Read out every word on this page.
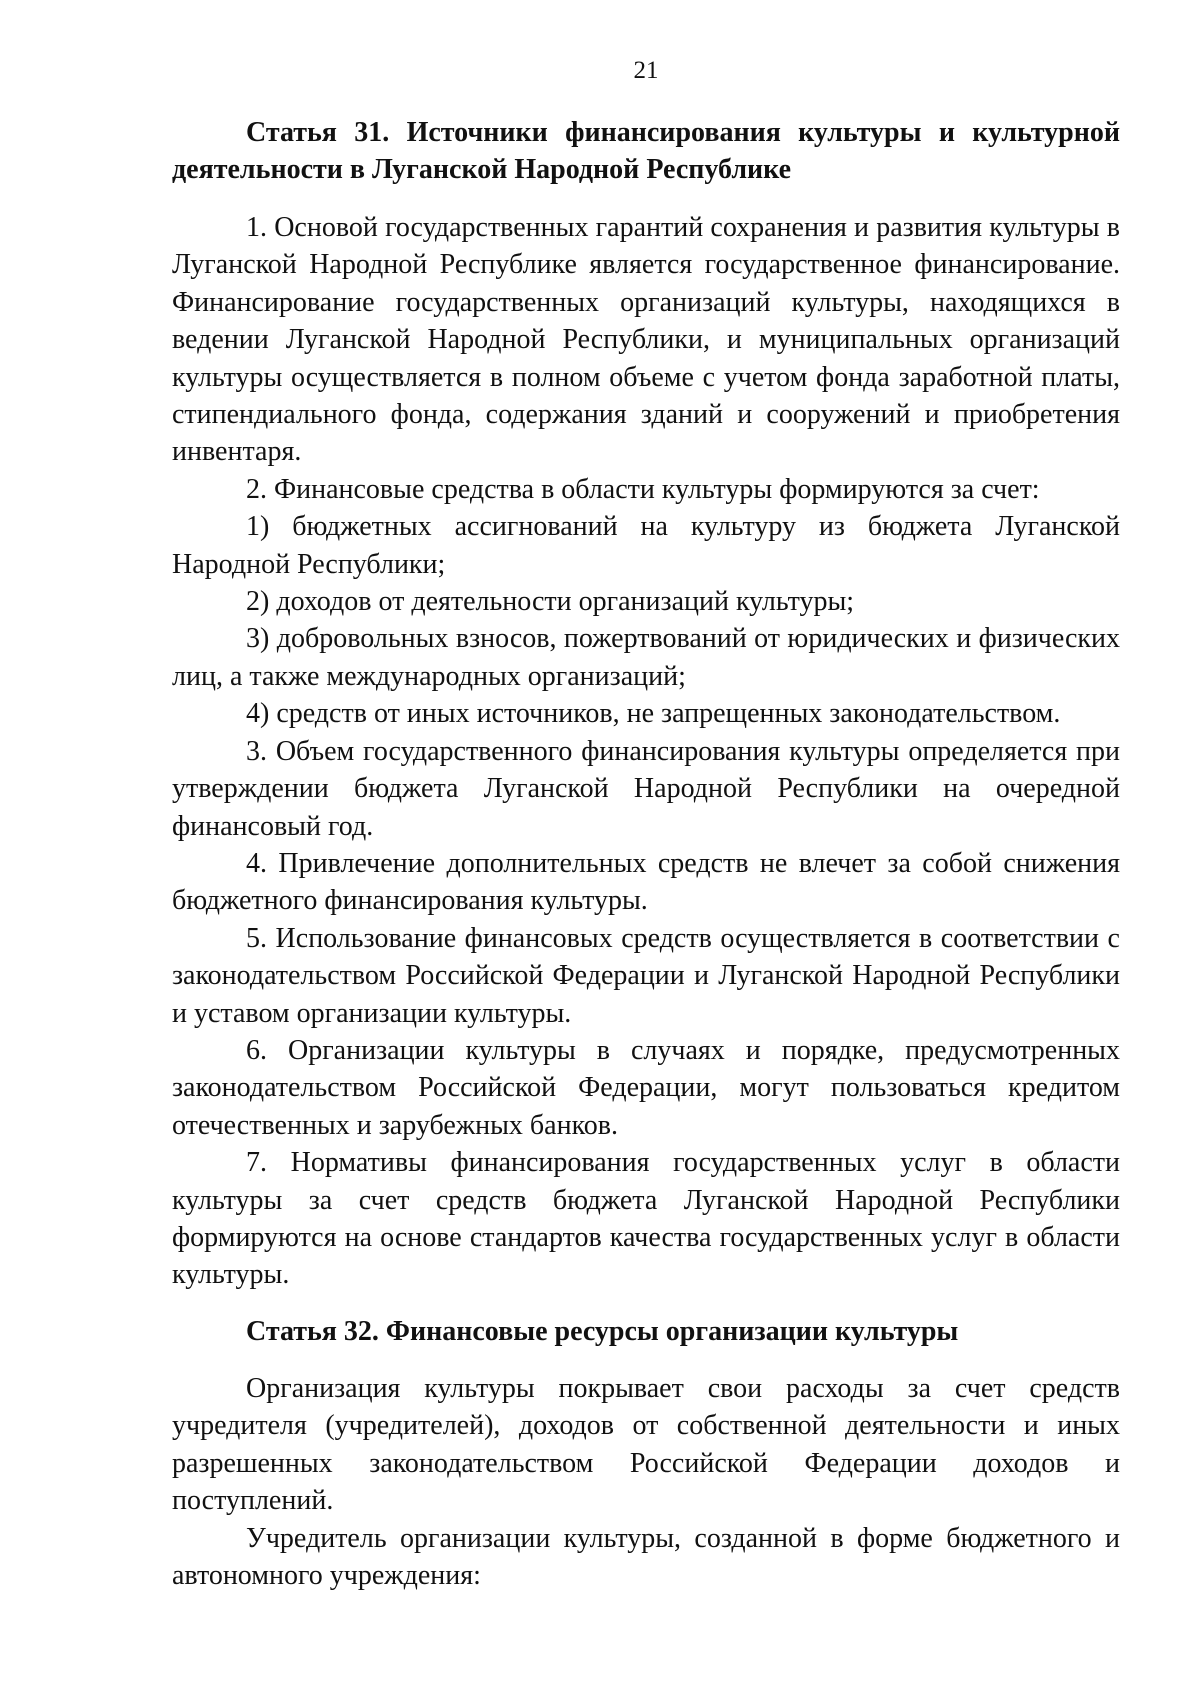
21
Статья 31. Источники финансирования культуры и культурной деятельности в Луганской Народной Республике

1. Основой государственных гарантий сохранения и развития культуры в Луганской Народной Республике является государственное финансирование. Финансирование государственных организаций культуры, находящихся в ведении Луганской Народной Республики, и муниципальных организаций культуры осуществляется в полном объеме с учетом фонда заработной платы, стипендиального фонда, содержания зданий и сооружений и приобретения инвентаря.

2. Финансовые средства в области культуры формируются за счет:

1) бюджетных ассигнований на культуру из бюджета Луганской Народной Республики;

2) доходов от деятельности организаций культуры;

3) добровольных взносов, пожертвований от юридических и физических лиц, а также международных организаций;

4) средств от иных источников, не запрещенных законодательством.

3. Объем государственного финансирования культуры определяется при утверждении бюджета Луганской Народной Республики на очередной финансовый год.

4. Привлечение дополнительных средств не влечет за собой снижения бюджетного финансирования культуры.

5. Использование финансовых средств осуществляется в соответствии с законодательством Российской Федерации и Луганской Народной Республики и уставом организации культуры.

6. Организации культуры в случаях и порядке, предусмотренных законодательством Российской Федерации, могут пользоваться кредитом отечественных и зарубежных банков.

7. Нормативы финансирования государственных услуг в области культуры за счет средств бюджета Луганской Народной Республики формируются на основе стандартов качества государственных услуг в области культуры.

Статья 32. Финансовые ресурсы организации культуры

Организация культуры покрывает свои расходы за счет средств учредителя (учредителей), доходов от собственной деятельности и иных разрешенных законодательством Российской Федерации доходов и поступлений.

Учредитель организации культуры, созданной в форме бюджетного и автономного учреждения:
